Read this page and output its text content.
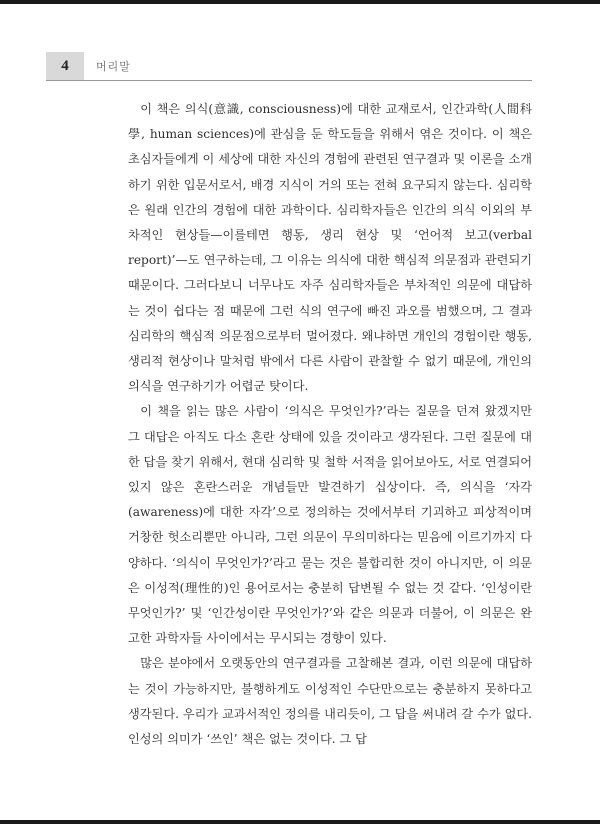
4 머리말

이 책은 의식(意識, consciousness)에 대한 교재로서, 인간과학(人間科學, human sciences)에 관심을 둔 학도들을 위해서 엮은 것이다. 이 책은 초심자들에게 이 세상에 대한 자신의 경험에 관련된 연구결과 및 이론을 소개하기 위한 입문서로서, 배경 지식이 거의 또는 전혀 요구되지 않는다. 심리학은 원래 인간의 경험에 대한 과학이다. 심리학자들은 인간의 의식 이외의 부차적인 현상들—이를테면 행동, 생리 현상 및 ‘언어적 보고(verbal report)’—도 연구하는데, 그 이유는 의식에 대한 핵심적 의문점과 관련되기 때문이다. 그러다보니 너무나도 자주 심리학자들은 부차적인 의문에 대답하는 것이 쉽다는 점 때문에 그런 식의 연구에 빠진 과오를 범했으며, 그 결과 심리학의 핵심적 의문점으로부터 멀어졌다. 왜냐하면 개인의 경험이란 행동, 생리적 현상이나 말처럼 밖에서 다른 사람이 관찰할 수 없기 때문에, 개인의 의식을 연구하기가 어렵군 탓이다.

이 책을 읽는 많은 사람이 ‘의식은 무엇인가?’라는 질문을 던져 왔겠지만 그 대답은 아직도 다소 혼란 상태에 있을 것이라고 생각된다. 그런 질문에 대한 답을 찾기 위해서, 현대 심리학 및 철학 서적을 읽어보아도, 서로 연결되어 있지 않은 혼란스러운 개념들만 발견하기 십상이다. 즉, 의식을 ‘자각(awareness)에 대한 자각’으로 정의하는 것에서부터 기괴하고 피상적이며 거창한 헛소리뿐만 아니라, 그런 의문이 무의미하다는 믿음에 이르기까지 다양하다. ‘의식이 무엇인가?’라고 묻는 것은 불합리한 것이 아니지만, 이 의문은 이성적(理性的)인 용어로서는 충분히 답변될 수 없는 것 같다. ‘인성이란 무엇인가?’ 및 ‘인간성이란 무엇인가?’와 같은 의문과 더불어, 이 의문은 완고한 과학자들 사이에서는 무시되는 경향이 있다.

많은 분야에서 오랫동안의 연구결과를 고찰해본 결과, 이런 의문에 대답하는 것이 가능하지만, 불행하게도 이성적인 수단만으로는 충분하지 못하다고 생각된다. 우리가 교과서적인 정의를 내리듯이, 그 답을 써내려 갈 수가 없다. 인성의 의미가 ‘쓰인’ 책은 없는 것이다. 그 답
